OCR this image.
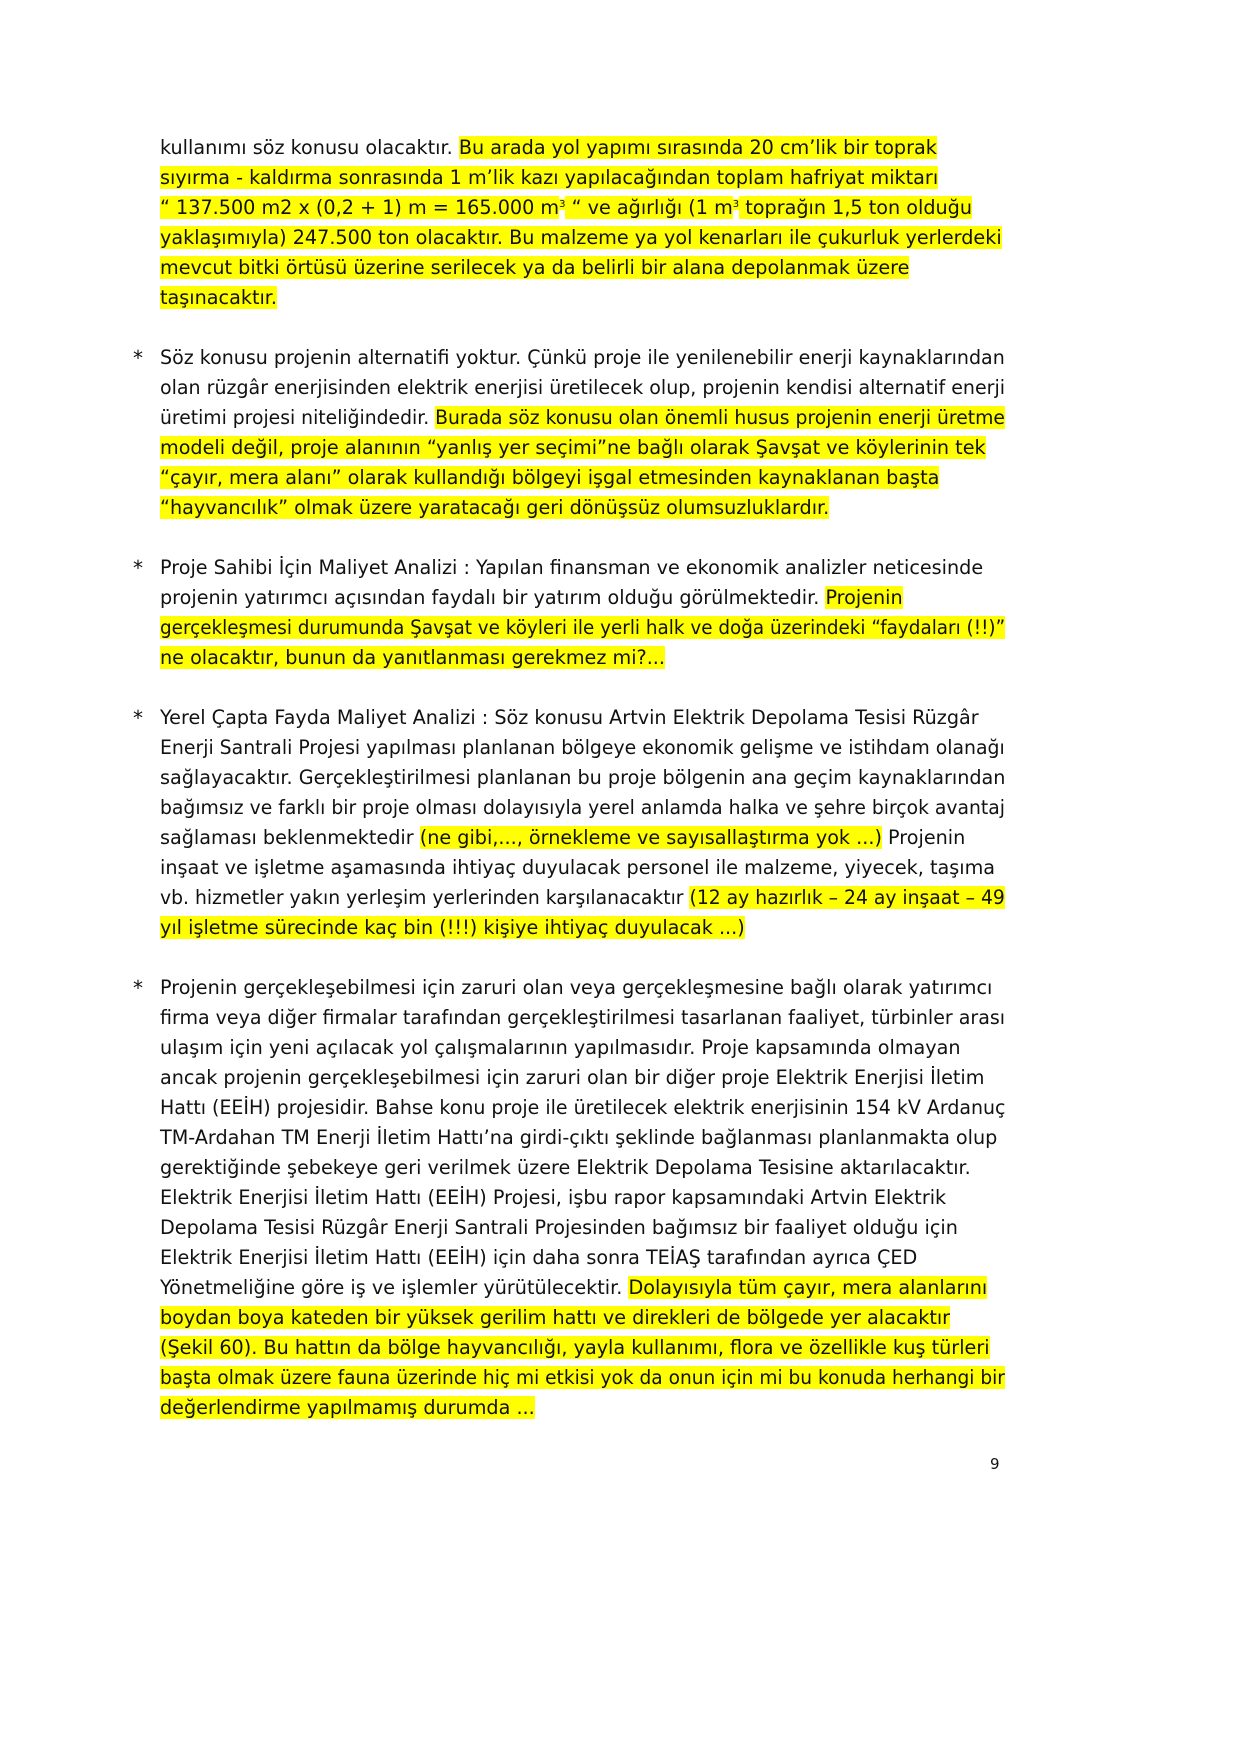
kullanımı söz konusu olacaktır. Bu arada yol yapımı sırasında 20 cm’lik bir toprak
sıyırma - kaldırma sonrasında 1 m’lik kazı yapılacağından toplam hafriyat miktarı
“ 137.500 m2 x (0,2 + 1) m = 165.000 $m^3$ “ ve ağırlığı (1 $m^3$ toprağın 1,5 ton olduğu
yaklaşımıyla) 247.500 ton olacaktır. Bu malzeme ya yol kenarları ile çukurluk yerlerdeki
mevcut bitki örtüsü üzerine serilecek ya da belirli bir alana depolanmak üzere
taşınacaktır.
* Söz konusu projenin alternatifi yoktur. Çünkü proje ile yenilenebilir enerji kaynaklarından
olan rüzgâr enerjisinden elektrik enerjisi üretilecek olup, projenin kendisi alternatif enerji
üretimi projesi niteliğindedir. Burada söz konusu olan önemli husus projenin enerji üretme
modeli değil, proje alanının “yanlış yer seçimi”ne bağlı olarak Şavşat ve köylerinin tek
“çayır, mera alanı” olarak kullandığı bölgeyi işgal etmesinden kaynaklanan başta
“hayvancılık” olmak üzere yaratacağı geri dönüşsüz olumsuzluklardır.
* Proje Sahibi İçin Maliyet Analizi : Yapılan finansman ve ekonomik analizler neticesinde
projenin yatırımcı açısından faydalı bir yatırım olduğu görülmektedir. Projenin
gerçekleşmesi durumunda Şavşat ve köyleri ile yerli halk ve doğa üzerindeki “faydaları (!!)”
ne olacaktır, bunun da yanıtlanması gerekmez mi?...
* Yerel Çapta Fayda Maliyet Analizi : Söz konusu Artvin Elektrik Depolama Tesisi Rüzgâr
Enerji Santrali Projesi yapılması planlanan bölgeye ekonomik gelişme ve istihdam olanağı
sağlayacaktır. Gerçekleştirilmesi planlanan bu proje bölgenin ana geçim kaynaklarından
bağımsız ve farklı bir proje olması dolayısıyla yerel anlamda halka ve şehre birçok avantaj
sağlaması beklenmektedir (ne gibi,..., örnekleme ve sayısallaştırma yok ...) Projenin
inşaat ve işletme aşamasında ihtiyaç duyulacak personel ile malzeme, yiyecek, taşıma
vb. hizmetler yakın yerleşim yerlerinden karşılanacaktır (12 ay hazırlık – 24 ay inşaat – 49
yıl işletme sürecinde kaç bin (!!!) kişiye ihtiyaç duyulacak ...)
* Projenin gerçekleşebilmesi için zaruri olan veya gerçekleşmesine bağlı olarak yatırımcı
firma veya diğer firmalar tarafından gerçekleştirilmesi tasarlanan faaliyet, türbinler arası
ulaşım için yeni açılacak yol çalışmalarının yapılmasıdır. Proje kapsamında olmayan
ancak projenin gerçekleşebilmesi için zaruri olan bir diğer proje Elektrik Enerjisi İletim
Hattı (EEİH) projesidir. Bahse konu proje ile üretilecek elektrik enerjisinin 154 kV Ardanuç
TM-Ardahan TM Enerji İletim Hattı’na girdi-çıktı şeklinde bağlanması planlanmakta olup
gerektiğinde şebekeye geri verilmek üzere Elektrik Depolama Tesisine aktarılacaktır.
Elektrik Enerjisi İletim Hattı (EEİH) Projesi, işbu rapor kapsamındaki Artvin Elektrik
Depolama Tesisi Rüzgâr Enerji Santrali Projesinden bağımsız bir faaliyet olduğu için
Elektrik Enerjisi İletim Hattı (EEİH) için daha sonra TEİAŞ tarafından ayrıca ÇED
Yönetmeliğine göre iş ve işlemler yürütülecektir. Dolayısıyla tüm çayır, mera alanlarını
boydan boya kateden bir yüksek gerilim hattı ve direkleri de bölgede yer alacaktır
(Şekil 60). Bu hattın da bölge hayvancılığı, yayla kullanımı, flora ve özellikle kuş türleri
başta olmak üzere fauna üzerinde hiç mi etkisi yok da onun için mi bu konuda herhangi bir
değerlendirme yapılmamış durumda ...
9
